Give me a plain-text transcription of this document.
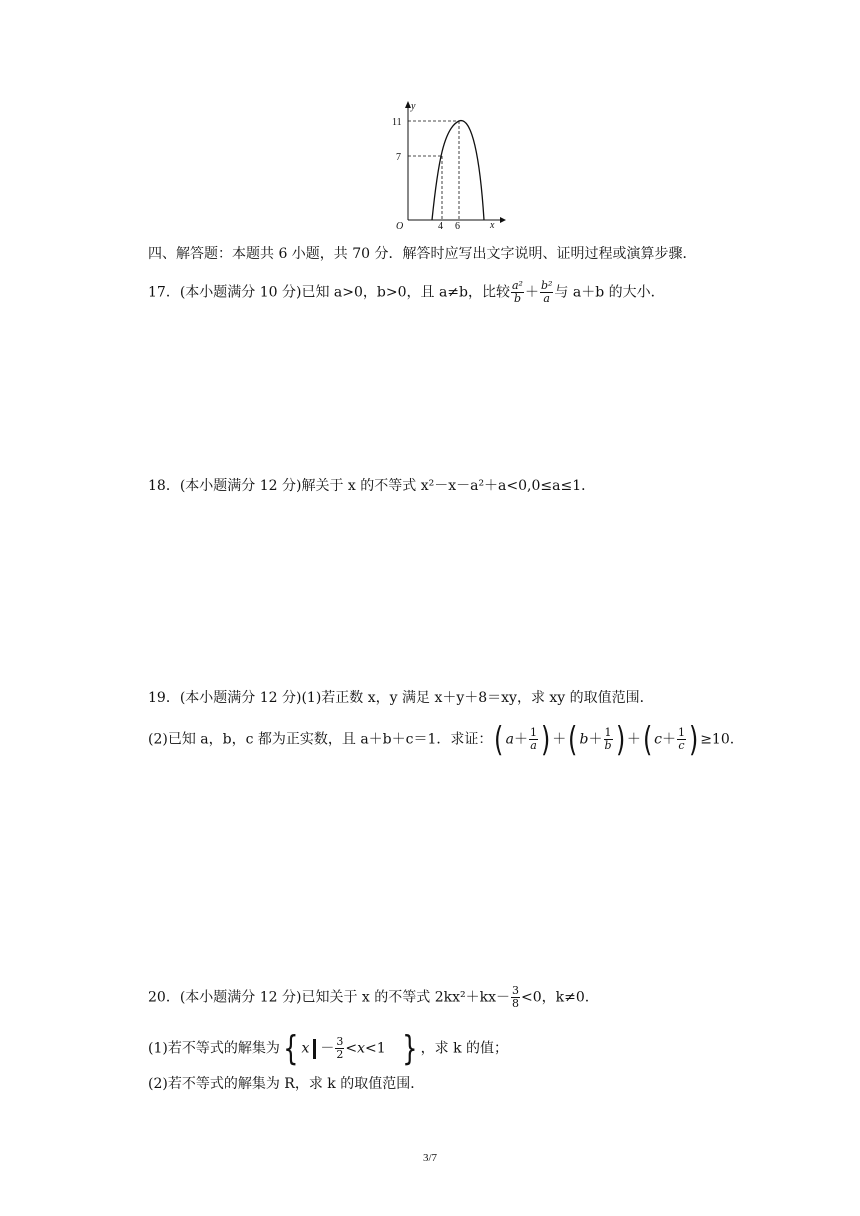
y
x
O
11
7
4 6
四、解答题：本题共 6 小题，共 70 分．解答时应写出文字说明、证明过程或演算步骤．
17．(本小题满分 10 分)已知 a>0，b>0，且 a≠b，比较 $\frac{\text{a²}}{b} + \frac{\text{b²}}{a}$ 与 a＋b 的大小．
18．(本小题满分 12 分)解关于 x 的不等式 x²－x－a²＋a<0,0≤a≤1．
19．(本小题满分 12 分)(1)若正数 x，y 满足 x＋y＋8＝xy，求 xy 的取值范围．
(2)已知 a，b，c 都为正实数，且 a＋b＋c＝1．求证：( $a+ \frac{1}{a}$ ) ＋( $b+ \frac{1}{b}$ ) ＋( $c+ \frac{1}{c}$ ) ≥10.
20．(本小题满分 12 分)已知关于 x 的不等式 $2kx^2+kx- \frac{3}{8} <0$，k≠0.
(1)若不等式的解集为{ $x - \frac{3}{2} <x<1$   } ，求 k 的值；
(2)若不等式的解集为 R，求 k 的取值范围．
3/7
